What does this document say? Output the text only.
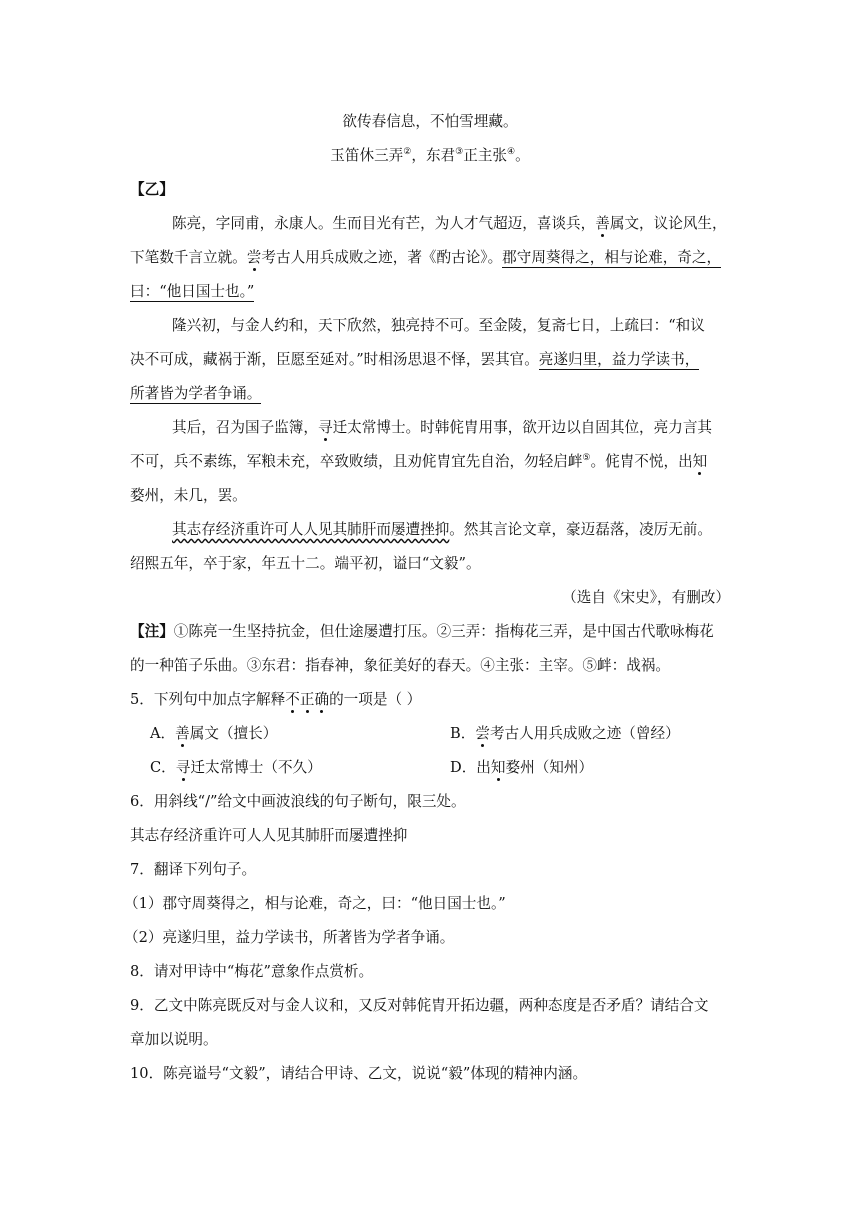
欲传春信息，不怕雪埋藏。
玉笛休三弄②，东君③正主张④。
【乙】
陈亮，字同甫，永康人。生而目光有芒，为人才气超迈，喜谈兵，善属文，议论风生，
下笔数千言立就。尝考古人用兵成败之迹，著《酌古论》。郡守周葵得之，相与论难，奇之，
曰：“他日国士也。”
隆兴初，与金人约和，天下欣然，独亮持不可。至金陵，复斋七日，上疏曰：“和议
决不可成，藏祸于渐，臣愿至延对。”时相汤思退不怿，罢其官。亮遂归里，益力学读书，
所著皆为学者争诵。
其后，召为国子监簿，寻迁太常博士。时韩侂胄用事，欲开边以自固其位，亮力言其
不可，兵不素练，军粮未充，卒致败绩，且劝侂胄宜先自治，勿轻启衅⑤。侂胄不悦，出知
婺州，未几，罢。
其志存经济重许可人人见其肺肝而屡遭挫抑。然其言论文章，豪迈磊落，凌厉无前。
绍熙五年，卒于家，年五十二。端平初，谥曰“文毅”。
（选自《宋史》，有删改）
【注】①陈亮一生坚持抗金，但仕途屡遭打压。②三弄：指梅花三弄，是中国古代歌咏梅花
的一种笛子乐曲。③东君：指春神，象征美好的春天。④主张：主宰。⑤衅：战祸。
5．下列句中加点字解释不正确的一项是（ ）
A．善属文（擅长）	B．尝考古人用兵成败之迹（曾经）
C．寻迁太常博士（不久）	D．出知婺州（知州）
6．用斜线“/”给文中画波浪线的句子断句，限三处。
其志存经济重许可人人见其肺肝而屡遭挫抑
7．翻译下列句子。
（1）郡守周葵得之，相与论难，奇之，曰：“他日国士也。”
（2）亮遂归里，益力学读书，所著皆为学者争诵。
8．请对甲诗中“梅花”意象作点赏析。
9．乙文中陈亮既反对与金人议和，又反对韩侂胄开拓边疆，两种态度是否矛盾？请结合文
章加以说明。
10．陈亮谥号“文毅”，请结合甲诗、乙文，说说“毅”体现的精神内涵。
